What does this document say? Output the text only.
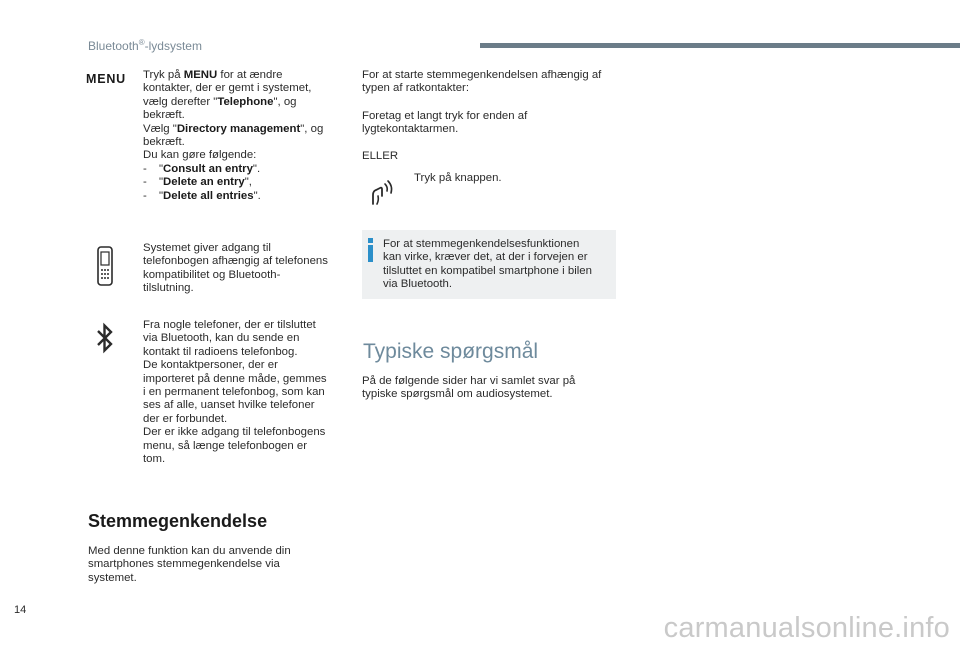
Bluetooth®-lydsystem
MENU Tryk på MENU for at ændre

kontakter, der er gemt i systemet,

vælg derefter "Telephone", og

bekræft.

Vælg "Directory management", og

bekræft.

Du kan gøre følgende:

-	"Consult an entry".

-	"Delete an entry",

-	"Delete all entries".

Systemet giver adgang til

telefonbogen afhængig af telefonens

kompatibilitet og Bluetooth-

tilslutning.

Fra nogle telefoner, der er tilsluttet

via Bluetooth, kan du sende en

kontakt til radioens telefonbog.

De kontaktpersoner, der er

importeret på denne måde, gemmes

i en permanent telefonbog, som kan

ses af alle, uanset hvilke telefoner

der er forbundet.

Der er ikke adgang til telefonbogens

menu, så længe telefonbogen er

tom.

Stemmegenkendelse

Med denne funktion kan du anvende din

smartphones stemmegenkendelse via

systemet.

For at starte stemmegenkendelsen afhængig af

typen af ratkontakter:

Foretag et langt tryk for enden af

lygtekontaktarmen.

ELLER
Tryk på knappen.

For at stemmegenkendelsesfunktionen

kan virke, kræver det, at der i forvejen er

tilsluttet en kompatibel smartphone i bilen

via Bluetooth.

Typiske spørgsmål

På de følgende sider har vi samlet svar på

typiske spørgsmål om audiosystemet.

14
carmanualsonline.info
